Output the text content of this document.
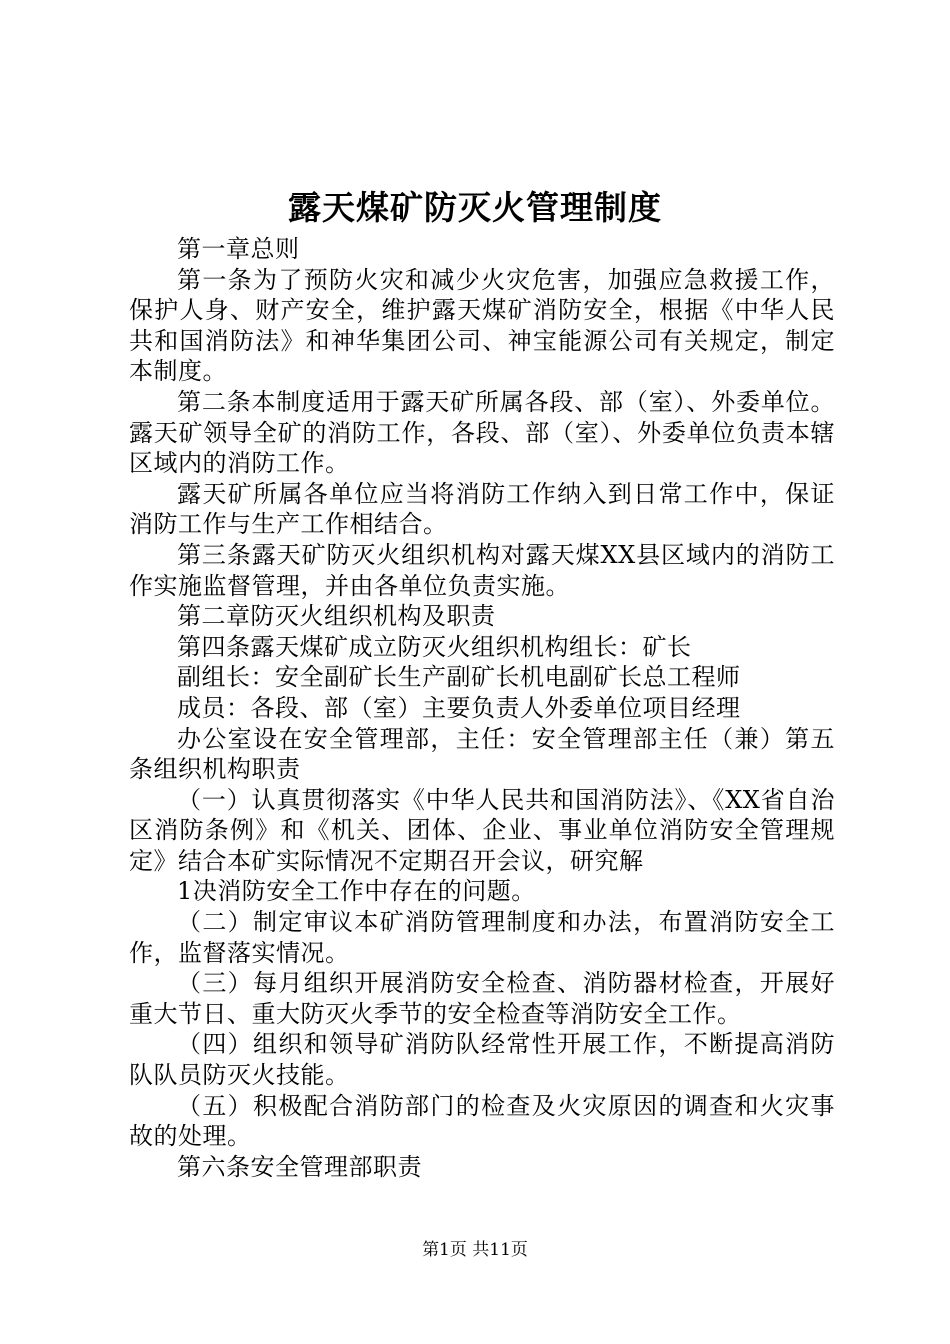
露天煤矿防灭火管理制度

第一章总则

第一条为了预防火灾和减少火灾危害，加强应急救援工作，保护人身、财产安全，维护露天煤矿消防安全，根据《中华人民共和国消防法》和神华集团公司、神宝能源公司有关规定，制定本制度。

第二条本制度适用于露天矿所属各段、部（室）、外委单位。露天矿领导全矿的消防工作，各段、部（室）、外委单位负责本辖区域内的消防工作。

露天矿所属各单位应当将消防工作纳入到日常工作中，保证消防工作与生产工作相结合。

第三条露天矿防灭火组织机构对露天煤XX县区域内的消防工作实施监督管理，并由各单位负责实施。

第二章防灭火组织机构及职责

第四条露天煤矿成立防灭火组织机构组长：矿长

副组长：安全副矿长生产副矿长机电副矿长总工程师

成员：各段、部（室）主要负责人外委单位项目经理

办公室设在安全管理部，主任：安全管理部主任（兼）第五条组织机构职责

（一）认真贯彻落实《中华人民共和国消防法》、《XX省自治区消防条例》和《机关、团体、企业、事业单位消防安全管理规定》结合本矿实际情况不定期召开会议，研究解

1决消防安全工作中存在的问题。

（二）制定审议本矿消防管理制度和办法，布置消防安全工作，监督落实情况。

（三）每月组织开展消防安全检查、消防器材检查，开展好重大节日、重大防灭火季节的安全检查等消防安全工作。

（四）组织和领导矿消防队经常性开展工作，不断提高消防队队员防灭火技能。

（五）积极配合消防部门的检查及火灾原因的调查和火灾事故的处理。

第六条安全管理部职责

第1页 共11页
